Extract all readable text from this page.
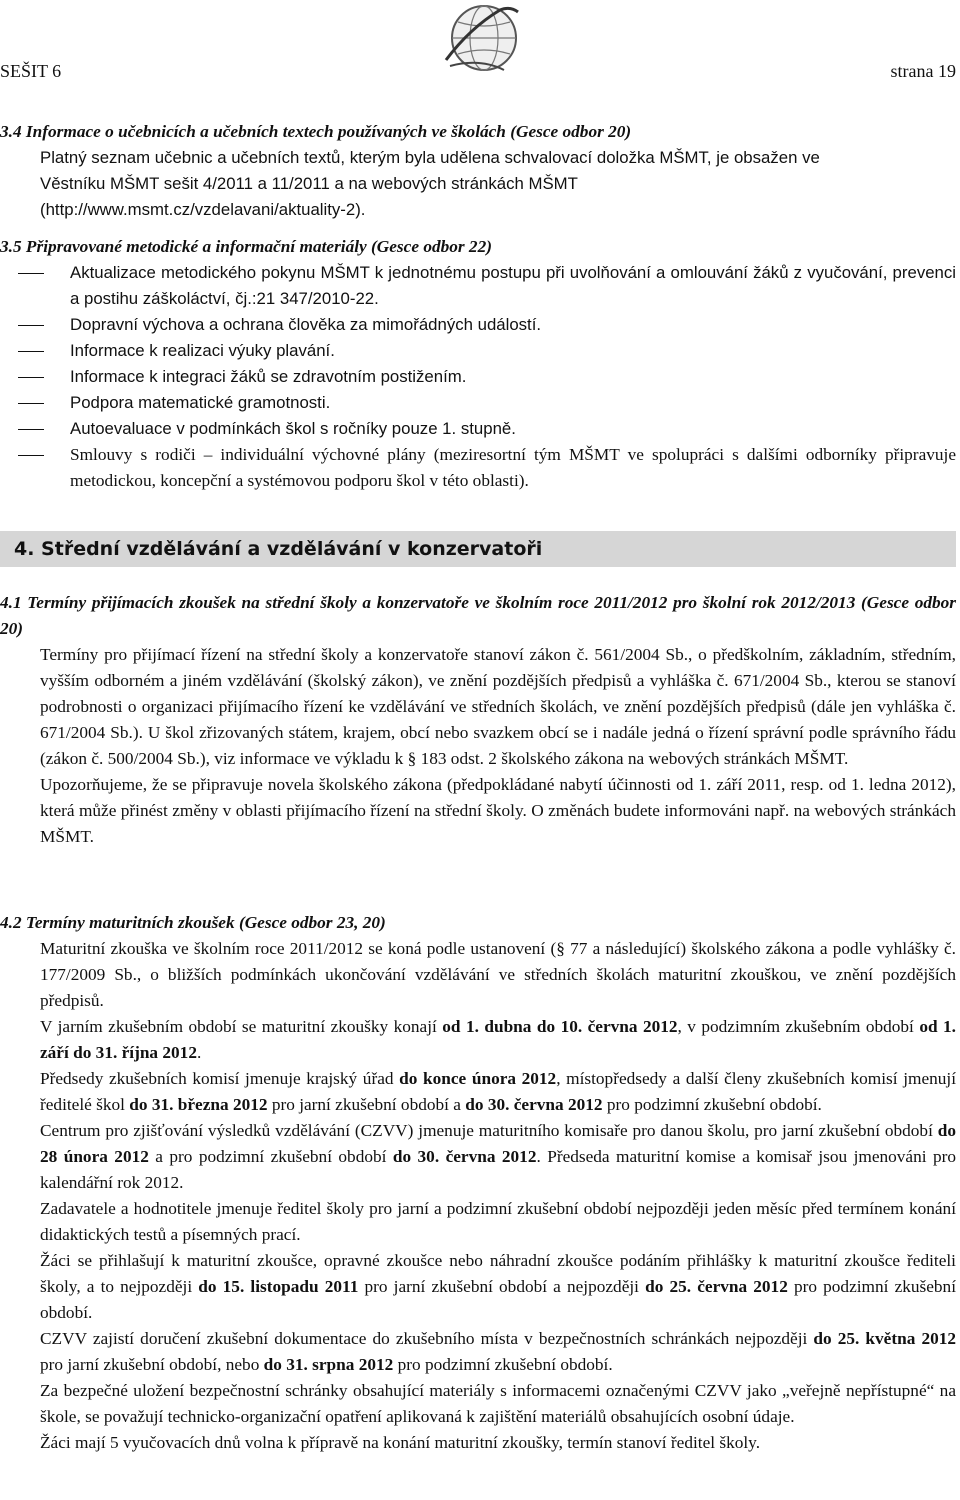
SEŠIT 6	strana 19
3.4 Informace o učebnicích a učebních textech používaných ve školách (Gesce odbor 20)
Platný seznam učebnic a učebních textů, kterým byla udělena schvalovací doložka MŠMT, je obsažen ve
Věstníku MŠMT sešit 4/2011 a 11/2011 a na webových stránkách MŠMT
(http://www.msmt.cz/vzdelavani/aktuality-2).
3.5 Připravované metodické a informační materiály (Gesce odbor 22)
Aktualizace metodického pokynu MŠMT k jednotnému postupu při uvolňování a omlouvání žáků z vyučování, prevenci a postihu záškoláctví, čj.:21 347/2010-22.
Dopravní výchova a ochrana člověka za mimořádných událostí.
Informace k realizaci výuky plavání.
Informace k integraci žáků se zdravotním postižením.
Podpora matematické gramotnosti.
Autoevaluace v podmínkách škol s ročníky pouze 1. stupně.
Smlouvy s rodiči – individuální výchovné plány (meziresortní tým MŠMT ve spolupráci s dalšími odborníky připravuje metodickou, koncepční a systémovou podporu škol v této oblasti).
4. Střední vzdělávání a vzdělávání v konzervatoři
4.1 Termíny přijímacích zkoušek na střední školy a konzervatoře ve školním roce 2011/2012 pro školní rok 2012/2013 (Gesce odbor 20)

Termíny pro přijímací řízení na střední školy a konzervatoře stanoví zákon č. 561/2004 Sb., o předškolním, základním, středním, vyšším odborném a jiném vzdělávání (školský zákon), ve znění pozdějších předpisů a vyhláška č. 671/2004 Sb., kterou se stanoví podrobnosti o organizaci přijímacího řízení ke vzdělávání ve středních školách, ve znění pozdějších předpisů (dále jen vyhláška č. 671/2004 Sb.). U škol zřizovaných státem, krajem, obcí nebo svazkem obcí se i nadále jedná o řízení správní podle správního řádu (zákon č. 500/2004 Sb.), viz informace ve výkladu k § 183 odst. 2 školského zákona na webových stránkách MŠMT.

Upozorňujeme, že se připravuje novela školského zákona (předpokládané nabytí účinnosti od 1. září 2011, resp. od 1. ledna 2012), která může přinést změny v oblasti přijímacího řízení na střední školy. O změnách budete informováni např. na webových stránkách MŠMT.

4.2 Termíny maturitních zkoušek (Gesce odbor 23, 20)

Maturitní zkouška ve školním roce 2011/2012 se koná podle ustanovení (§ 77 a následující) školského zákona a podle vyhlášky č. 177/2009 Sb., o bližších podmínkách ukončování vzdělávání ve středních školách maturitní zkouškou, ve znění pozdějších předpisů.

V jarním zkušebním období se maturitní zkoušky konají od 1. dubna do 10. června 2012, v podzimním zkušebním období od 1. září do 31. října 2012.

Předsedy zkušebních komisí jmenuje krajský úřad do konce února 2012, místopředsedy a další členy zkušebních komisí jmenují ředitelé škol do 31. března 2012 pro jarní zkušební období a do 30. června 2012 pro podzimní zkušební období.

Centrum pro zjišťování výsledků vzdělávání (CZVV) jmenuje maturitního komisaře pro danou školu, pro jarní zkušební období do 28 února 2012 a pro podzimní zkušební období do 30. června 2012. Předseda maturitní komise a komisař jsou jmenováni pro kalendářní rok 2012.

Zadavatele a hodnotitele jmenuje ředitel školy pro jarní a podzimní zkušební období nejpozději jeden měsíc před termínem konání didaktických testů a písemných prací.

Žáci se přihlašují k maturitní zkoušce, opravné zkoušce nebo náhradní zkoušce podáním přihlášky k maturitní zkoušce řediteli školy, a to nejpozději do 15. listopadu 2011 pro jarní zkušební období a nejpozději do 25. června 2012 pro podzimní zkušební období.

CZVV zajistí doručení zkušební dokumentace do zkušebního místa v bezpečnostních schránkách nejpozději do 25. května 2012 pro jarní zkušební období, nebo do 31. srpna 2012 pro podzimní zkušební období.

Za bezpečné uložení bezpečnostní schránky obsahující materiály s informacemi označenými CZVV jako „veřejně nepřístupné“ na škole, se považují technicko-organizační opatření aplikovaná k zajištění materiálů obsahujících osobní údaje.

Žáci mají 5 vyučovacích dnů volna k přípravě na konání maturitní zkoušky, termín stanoví ředitel školy.
